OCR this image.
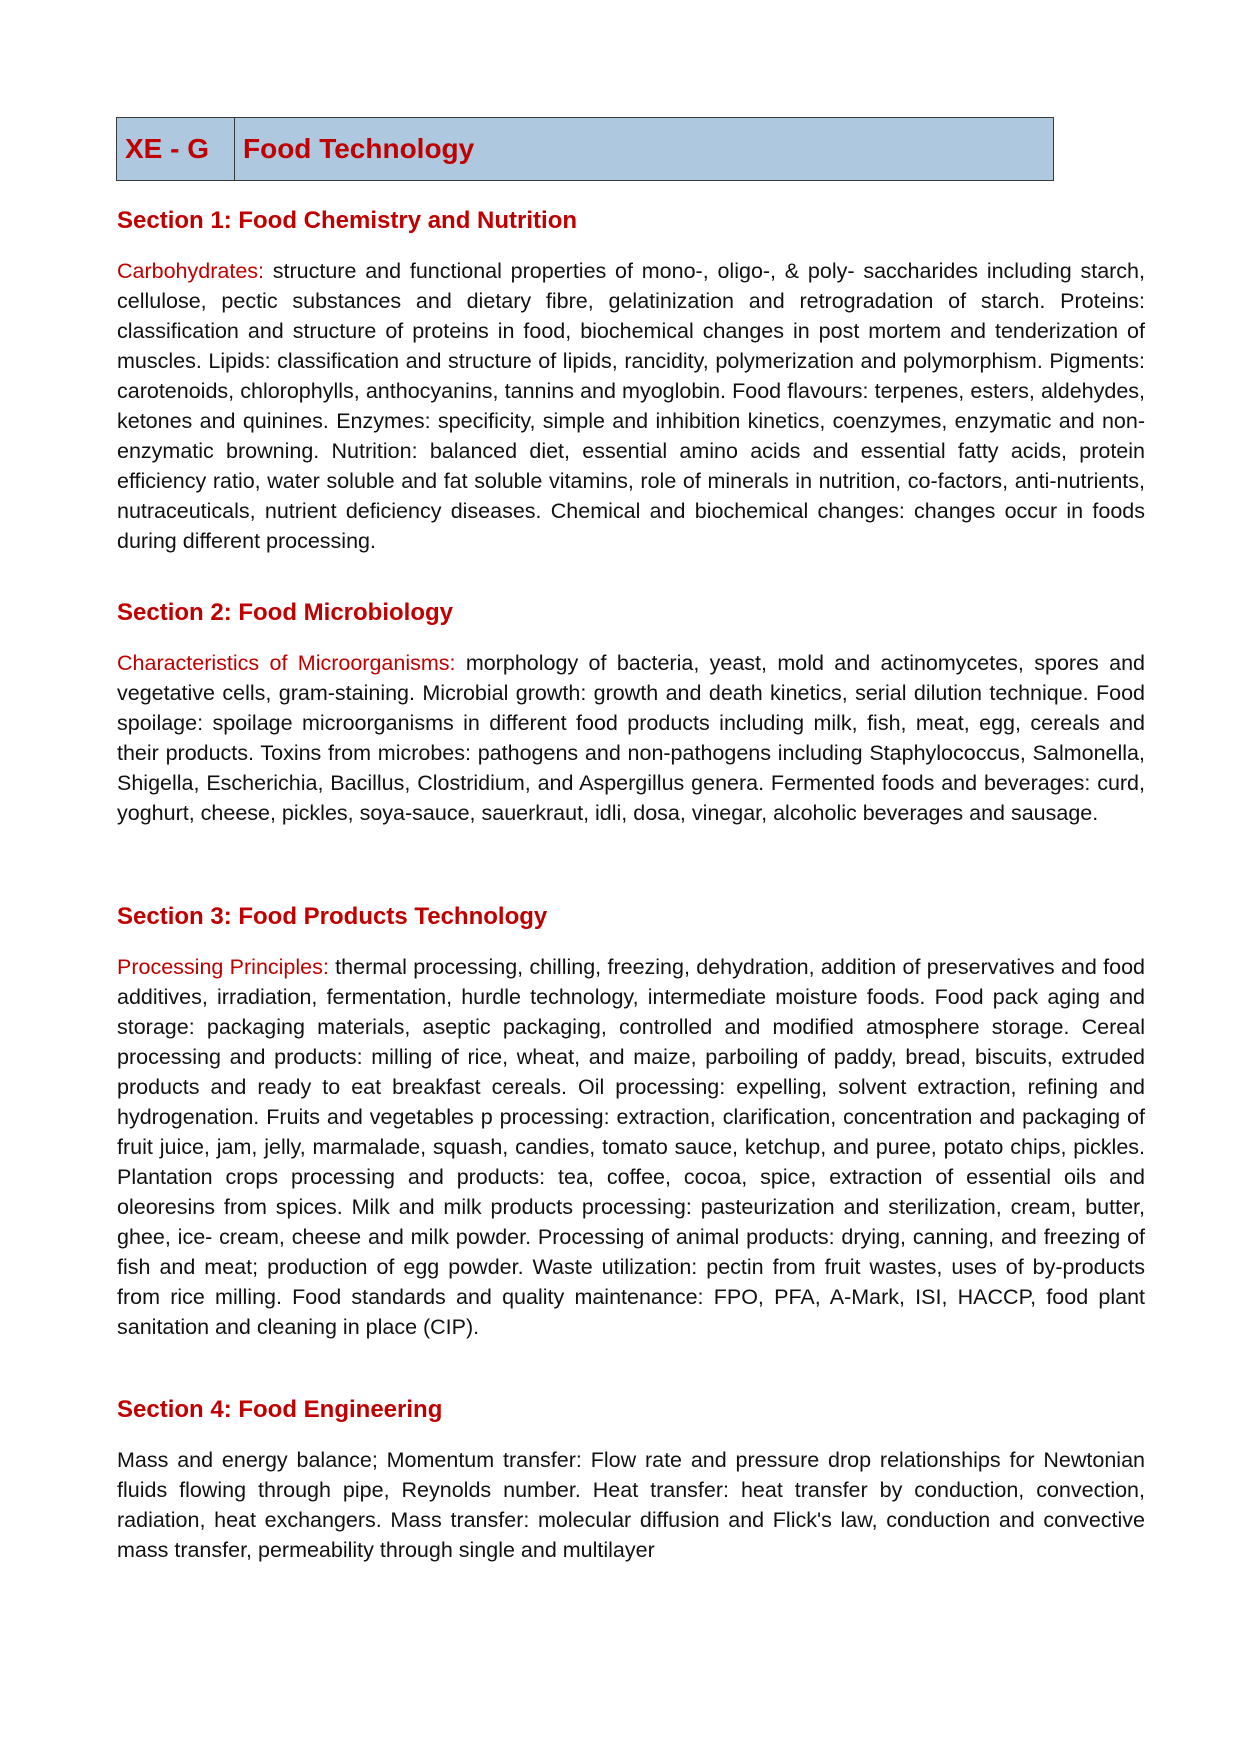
XE - G	Food Technology
Section 1: Food Chemistry and Nutrition

Carbohydrates: structure and functional properties of mono-, oligo-, & poly- saccharides including starch, cellulose, pectic substances and dietary fibre, gelatinization and retrogradation of starch. Proteins: classification and structure of proteins in food, biochemical changes in post mortem and tenderization of muscles. Lipids: classification and structure of lipids, rancidity, polymerization and polymorphism. Pigments: carotenoids, chlorophylls, anthocyanins, tannins and myoglobin. Food flavours: terpenes, esters, aldehydes, ketones and quinines. Enzymes: specificity, simple and inhibition kinetics, coenzymes, enzymatic and non- enzymatic browning. Nutrition: balanced diet, essential amino acids and essential fatty acids, protein efficiency ratio, water soluble and fat soluble vitamins, role of minerals in nutrition, co-factors, anti-nutrients, nutraceuticals, nutrient deficiency diseases. Chemical and biochemical changes: changes occur in foods during different processing.

Section 2: Food Microbiology

Characteristics of Microorganisms: morphology of bacteria, yeast, mold and actinomycetes, spores and vegetative cells, gram-staining. Microbial growth: growth and death kinetics, serial dilution technique. Food spoilage: spoilage microorganisms in different food products including milk, fish, meat, egg, cereals and their products. Toxins from microbes: pathogens and non-pathogens including Staphylococcus, Salmonella, Shigella, Escherichia, Bacillus, Clostridium, and Aspergillus genera. Fermented foods and beverages: curd, yoghurt, cheese, pickles, soya-sauce, sauerkraut, idli, dosa, vinegar, alcoholic beverages and sausage.

Section 3: Food Products Technology

Processing Principles: thermal processing, chilling, freezing, dehydration, addition of preservatives and food additives, irradiation, fermentation, hurdle technology, intermediate moisture foods. Food pack aging and storage: packaging materials, aseptic packaging, controlled and modified atmosphere storage. Cereal processing and products: milling of rice, wheat, and maize, parboiling of paddy, bread, biscuits, extruded products and ready to eat breakfast cereals. Oil processing: expelling, solvent extraction, refining and hydrogenation. Fruits and vegetables p processing: extraction, clarification, concentration and packaging of fruit juice, jam, jelly, marmalade, squash, candies, tomato sauce, ketchup, and puree, potato chips, pickles. Plantation crops processing and products: tea, coffee, cocoa, spice, extraction of essential oils and oleoresins from spices. Milk and milk products processing: pasteurization and sterilization, cream, butter, ghee, ice- cream, cheese and milk powder. Processing of animal products: drying, canning, and freezing of fish and meat; production of egg powder. Waste utilization: pectin from fruit wastes, uses of by-products from rice milling. Food standards and quality maintenance: FPO, PFA, A-Mark, ISI, HACCP, food plant sanitation and cleaning in place (CIP).

Section 4: Food Engineering

Mass and energy balance; Momentum transfer: Flow rate and pressure drop relationships for Newtonian fluids flowing through pipe, Reynolds number. Heat transfer: heat transfer by conduction, convection, radiation, heat exchangers. Mass transfer: molecular diffusion and Flick's law, conduction and convective mass transfer, permeability through single and multilayer
